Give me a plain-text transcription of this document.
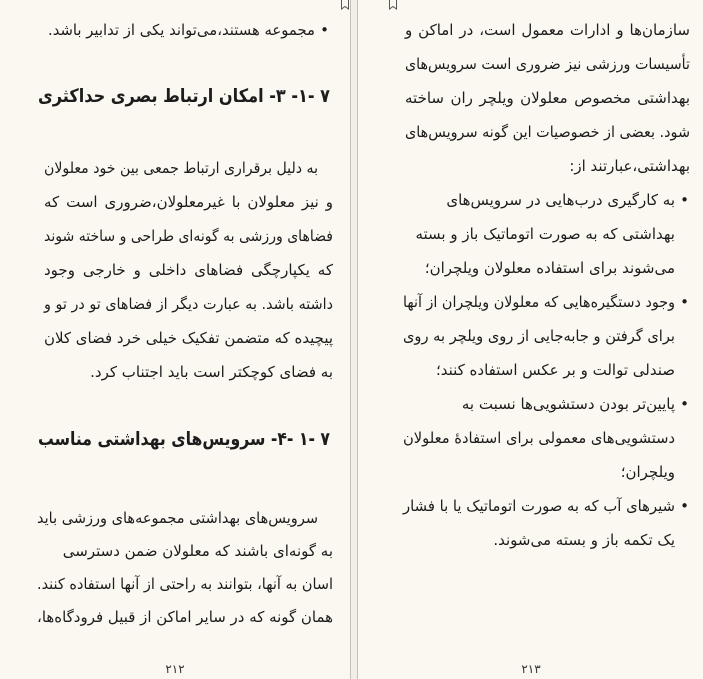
•
مجموعه هستند،می‌تواند یکی از تدابیر باشد.
۷ -۱- ۳- امکان ارتباط بصری حداکثری
به دلیل برقراری ارتباط جمعی بین خود معلولان
و نیز معلولان با غیرمعلولان،ضروری است که
فضاهای ورزشی به گونه‌ای طراحی و ساخته شوند
که یکپارچگی فضاهای داخلی و خارجی وجود
داشته باشد. به عبارت دیگر از فضاهای تو در تو و
پیچیده که متضمن تفکیک خیلی خرد فضای کلان
به فضای کوچکتر است باید اجتناب کرد.
۷ -۱ -۴- سرویس‌های بهداشتی مناسب
سرویس‌های بهداشتی مجموعه‌های ورزشی باید
به گونه‌ای باشند که معلولان ضمن دسترسی
اسان به آنها، بتوانند به راحتی از آنها استفاده کنند.
همان گونه که در سایر اماکن از قبیل فرودگاه‌ها،
۲۱۲
سازمان‌ها و ادارات معمول است، در اماکن و
تأسیسات ورزشی نیز ضروری است سرویس‌های
بهداشتی مخصوص معلولان ویلچر ران ساخته
شود. بعضی از خصوصیات این گونه سرویس‌های
بهداشتی،عبارتند از:
•
به کارگیری درب‌هایی در سرویس‌های
بهداشتی که به صورت اتوماتیک باز و بسته
می‌شوند برای استفاده معلولان ویلچران؛
•
وجود دستگیره‌هایی که معلولان ویلچران از آنها
برای گرفتن و جابه‌جایی از روی ویلچر به روی
صندلی توالت و بر عکس استفاده کنند؛
•
پایین‌تر بودن دستشویی‌ها نسبت به
دستشویی‌های معمولی برای استفادهٔ معلولان
ویلچران؛
•
شیرهای آب که به صورت اتوماتیک یا با فشار
یک تکمه باز و بسته می‌شوند.
۲۱۳
